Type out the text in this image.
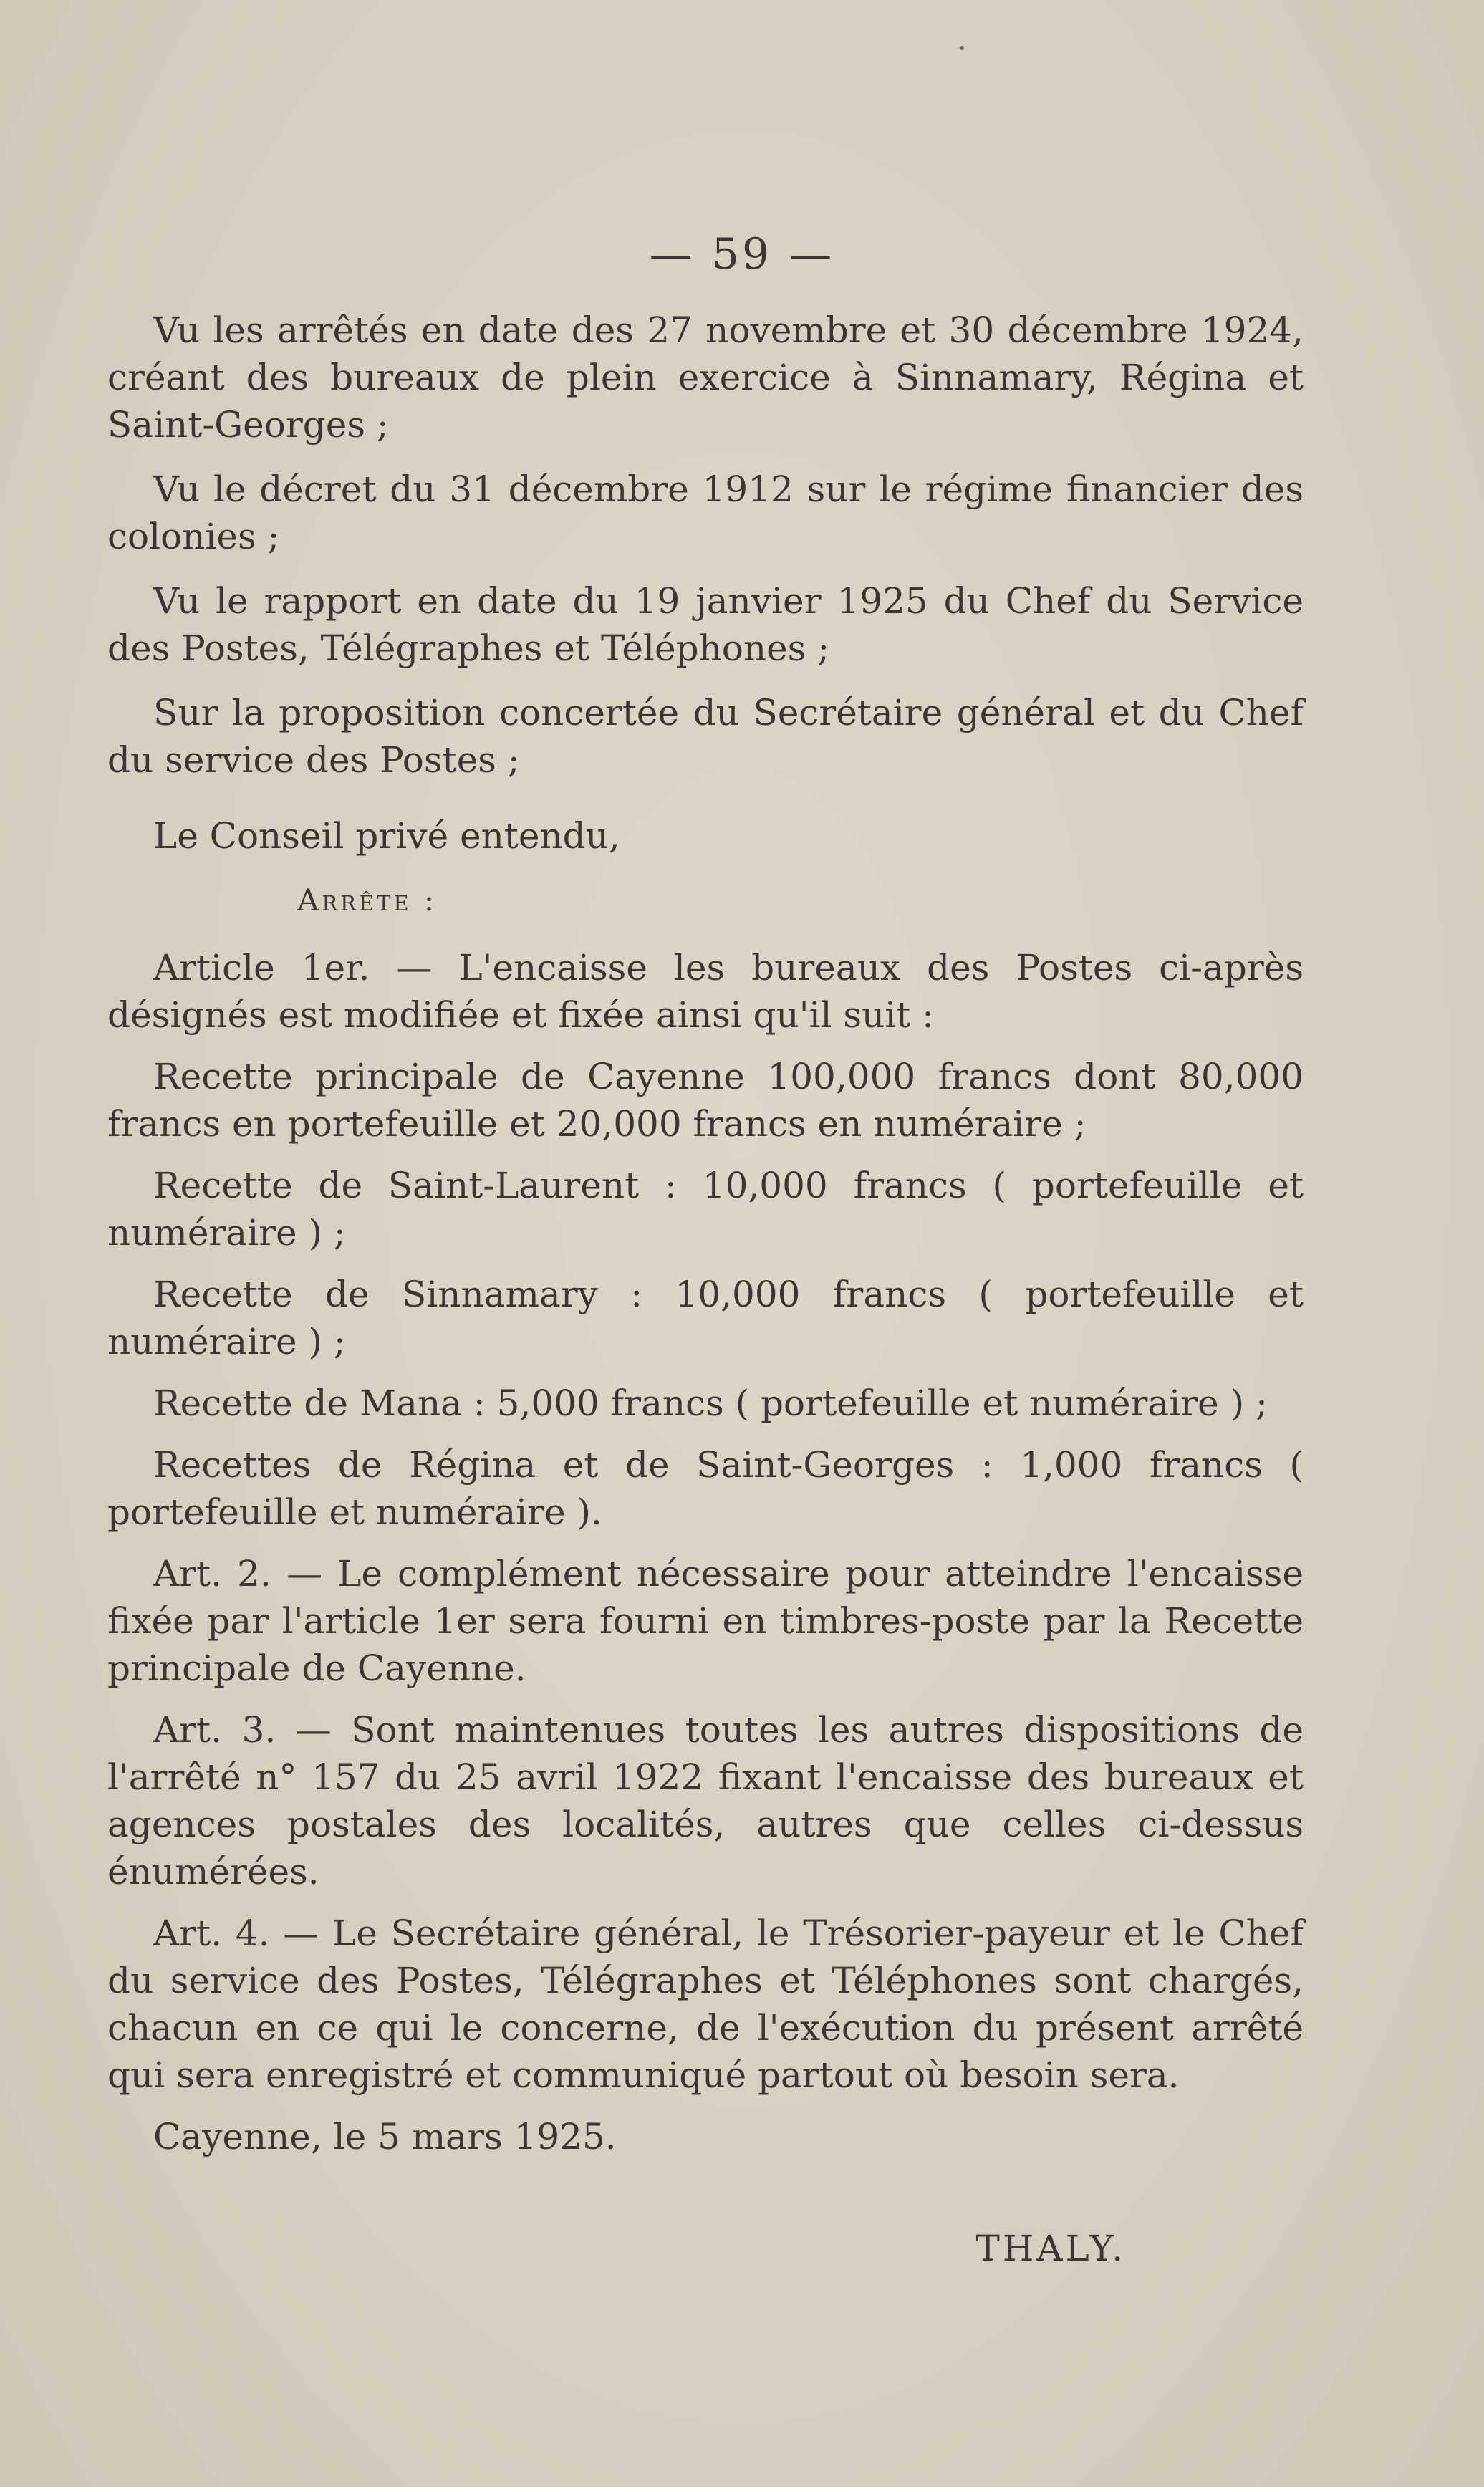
— 59 —

Vu les arrêtés en date des 27 novembre et 30 décembre 1924, créant des bureaux de plein exercice à Sinnamary, Régina et Saint-Georges ;

Vu le décret du 31 décembre 1912 sur le régime financier des colonies ;

Vu le rapport en date du 19 janvier 1925 du Chef du Service des Postes, Télégraphes et Téléphones ;

Sur la proposition concertée du Secrétaire général et du Chef du service des Postes ;

Le Conseil privé entendu,

Arrête :

Article 1er. — L'encaisse les bureaux des Postes ci-après désignés est modifiée et fixée ainsi qu'il suit :

Recette principale de Cayenne 100,000 francs dont 80,000 francs en portefeuille et 20,000 francs en numéraire ;

Recette de Saint-Laurent : 10,000 francs ( portefeuille et numéraire ) ;

Recette de Sinnamary : 10,000 francs ( portefeuille et numéraire ) ;

Recette de Mana : 5,000 francs ( portefeuille et numéraire ) ;

Recettes de Régina et de Saint-Georges : 1,000 francs ( portefeuille et numéraire ).

Art. 2. — Le complément nécessaire pour atteindre l'encaisse fixée par l'article 1er sera fourni en timbres-poste par la Recette principale de Cayenne.

Art. 3. — Sont maintenues toutes les autres dispositions de l'arrêté n° 157 du 25 avril 1922 fixant l'encaisse des bureaux et agences postales des localités, autres que celles ci-dessus énumérées.

Art. 4. — Le Secrétaire général, le Trésorier-payeur et le Chef du service des Postes, Télégraphes et Téléphones sont chargés, chacun en ce qui le concerne, de l'exécution du présent arrêté qui sera enregistré et communiqué partout où besoin sera.

Cayenne, le 5 mars 1925.

THALY.
